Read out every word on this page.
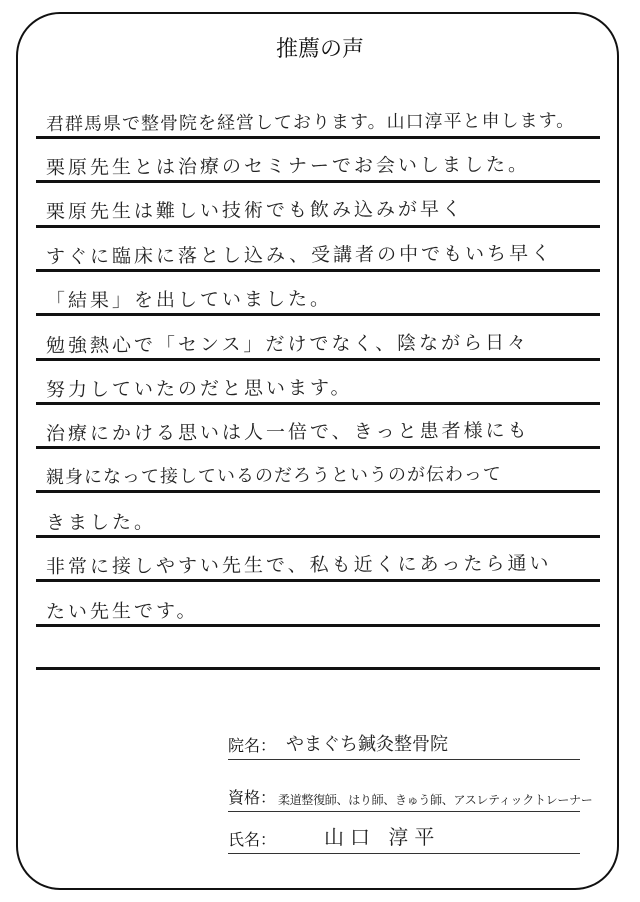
推薦の声
君群馬県で整骨院を経営しております。山口淳平と申します。
栗原先生とは治療のセミナーでお会いしました。
栗原先生は難しい技術でも飲み込みが早く
すぐに臨床に落とし込み、受講者の中でもいち早く
「結果」を出していました。
勉強熱心で「センス」だけでなく、陰ながら日々
努力していたのだと思います。
治療にかける思いは人一倍で、きっと患者様にも
親身になって接しているのだろうというのが伝わって
きました。
非常に接しやすい先生で、私も近くにあったら通い
たい先生です。
院名： やまぐち鍼灸整骨院
資格： 柔道整復師、はり師、きゅう師、アスレティックトレーナー
氏名： 山口 淳平
